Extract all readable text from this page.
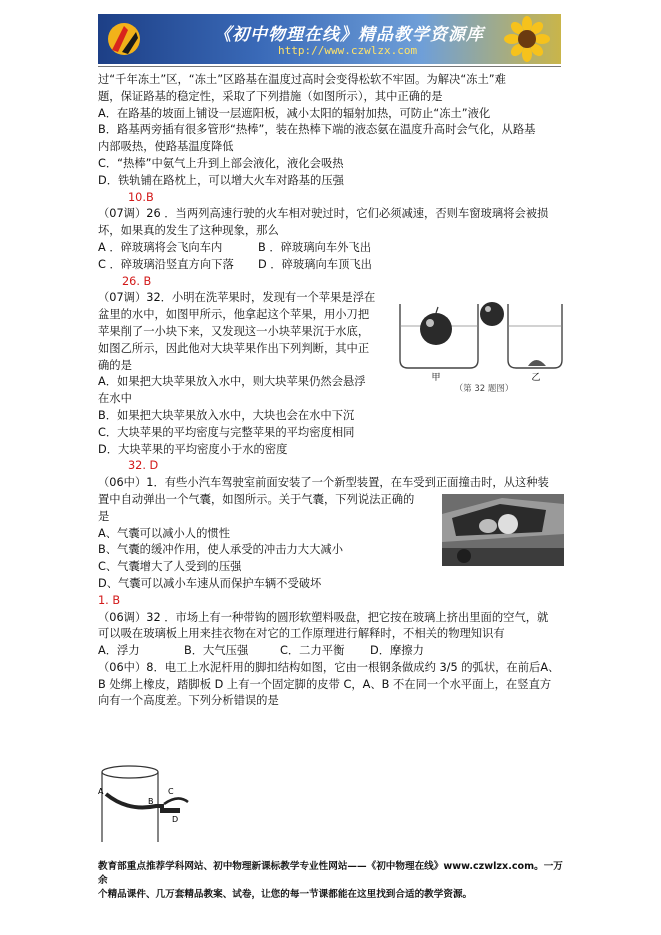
《初中物理在线》精品教学资源库
http://www.czwlzx.com

过“千年冻土”区，“冻土”区路基在温度过高时会变得松软不牢固。为解决“冻土”难

题，保证路基的稳定性，采取了下列措施（如图所示），其中正确的是

A．在路基的坡面上铺设一层遮阳板，减小太阳的辐射加热，可防止“冻土”液化

B．路基两旁插有很多管形“热棒”，装在热棒下端的液态氨在温度升高时会气化，从路基

内部吸热，使路基温度降低

C．“热棒”中氨气上升到上部会液化，液化会吸热

D．铁轨铺在路枕上，可以增大火车对路基的压强

10.B

（07调）26 ．当两列高速行驶的火车相对驶过时，它们必须减速，否则车窗玻璃将会被损

坏，如果真的发生了这种现象，那么

A ．碎玻璃将会飞向车内	B ．碎玻璃向车外飞出

C ．碎玻璃沿竖直方向下落	D ．碎玻璃向车顶飞出

26. B

甲	乙
（第 32 题图）

（07调）32．小明在洗苹果时，发现有一个苹果是浮在

盆里的水中，如图甲所示，他拿起这个苹果，用小刀把

苹果削了一小块下来，又发现这一小块苹果沉于水底，

如图乙所示，因此他对大块苹果作出下列判断，其中正

确的是

A．如果把大块苹果放入水中，则大块苹果仍然会悬浮

在水中

B．如果把大块苹果放入水中，大块也会在水中下沉

C．大块苹果的平均密度与完整苹果的平均密度相同

D．大块苹果的平均密度小于水的密度

32. D

（06中）1．有些小汽车驾驶室前面安装了一个新型装置，在车受到正面撞击时，从这种装

置中自动弹出一个气囊，如图所示。关于气囊，下列说法正确的

是

A、气囊可以减小人的惯性

B、气囊的缓冲作用，使人承受的冲击力大大减小

C、气囊增大了人受到的压强

D、气囊可以减小车速从而保护车辆不受破坏

1. B

（06调）32 ．市场上有一种带钩的圆形软塑料吸盘，把它按在玻璃上挤出里面的空气，就

可以吸在玻璃板上用来挂衣物在对它的工作原理进行解释时，不相关的物理知识有

A．浮力	B．大气压强	C．二力平衡	D．摩擦力

（06中）8．电工上水泥杆用的脚扣结构如图，它由一根钢条做成约 3/5 的弧状，在前后A、

B 处绑上橡皮，踏脚板 D 上有一个固定脚的皮带 C，A、B 不在同一个水平面上，在竖直方

向有一个高度差。下列分析错误的是

A
B
C
D
教育部重点推荐学科网站、初中物理新课标教学专业性网站——《初中物理在线》www.czwlzx.com。一万余
个精品课件、几万套精品教案、试卷，让您的每一节课都能在这里找到合适的教学资源。
